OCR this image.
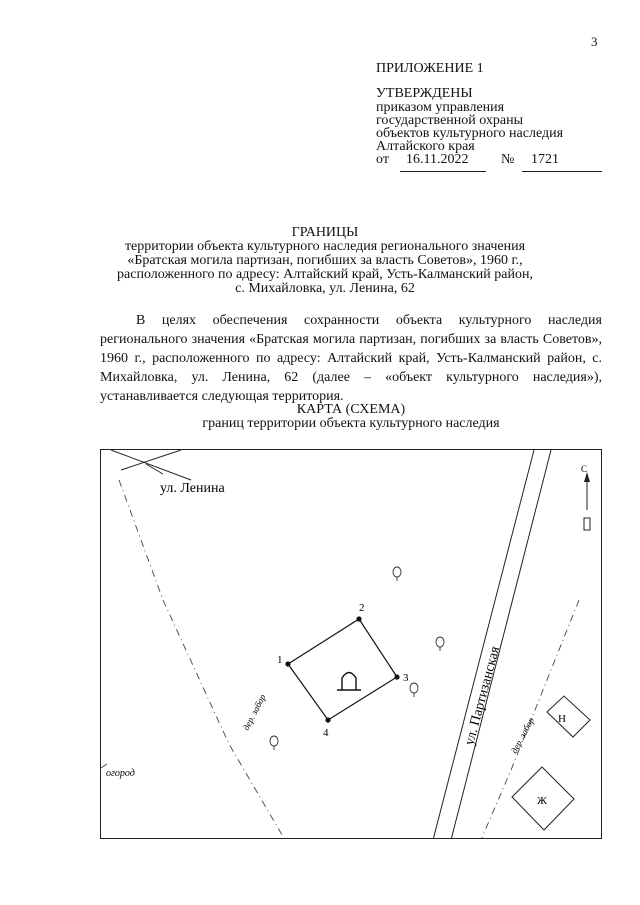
3
ПРИЛОЖЕНИЕ 1
УТВЕРЖДЕНЫ
приказом управления
государственной охраны
объектов культурного наследия
Алтайского края
от 16.11.2022 № 1721
ГРАНИЦЫ
территории объекта культурного наследия регионального значения
«Братская могила партизан, погибших за власть Советов», 1960 г.,
расположенного по адресу: Алтайский край, Усть-Калманский район,
с. Михайловка, ул. Ленина, 62
В целях обеспечения сохранности объекта культурного наследия регионального значения «Братская могила партизан, погибших за власть Советов», 1960 г., расположенного по адресу: Алтайский край, Усть-Калманский район, с. Михайловка, ул. Ленина, 62 (далее – «объект культурного наследия»), устанавливается следующая территория.
КАРТА (СХЕМА)
границ территории объекта культурного наследия
1
2
3
4
С
Н
Ж
ул. Ленина
ул. Партизанская
дер. забор
дер. забор
огород
